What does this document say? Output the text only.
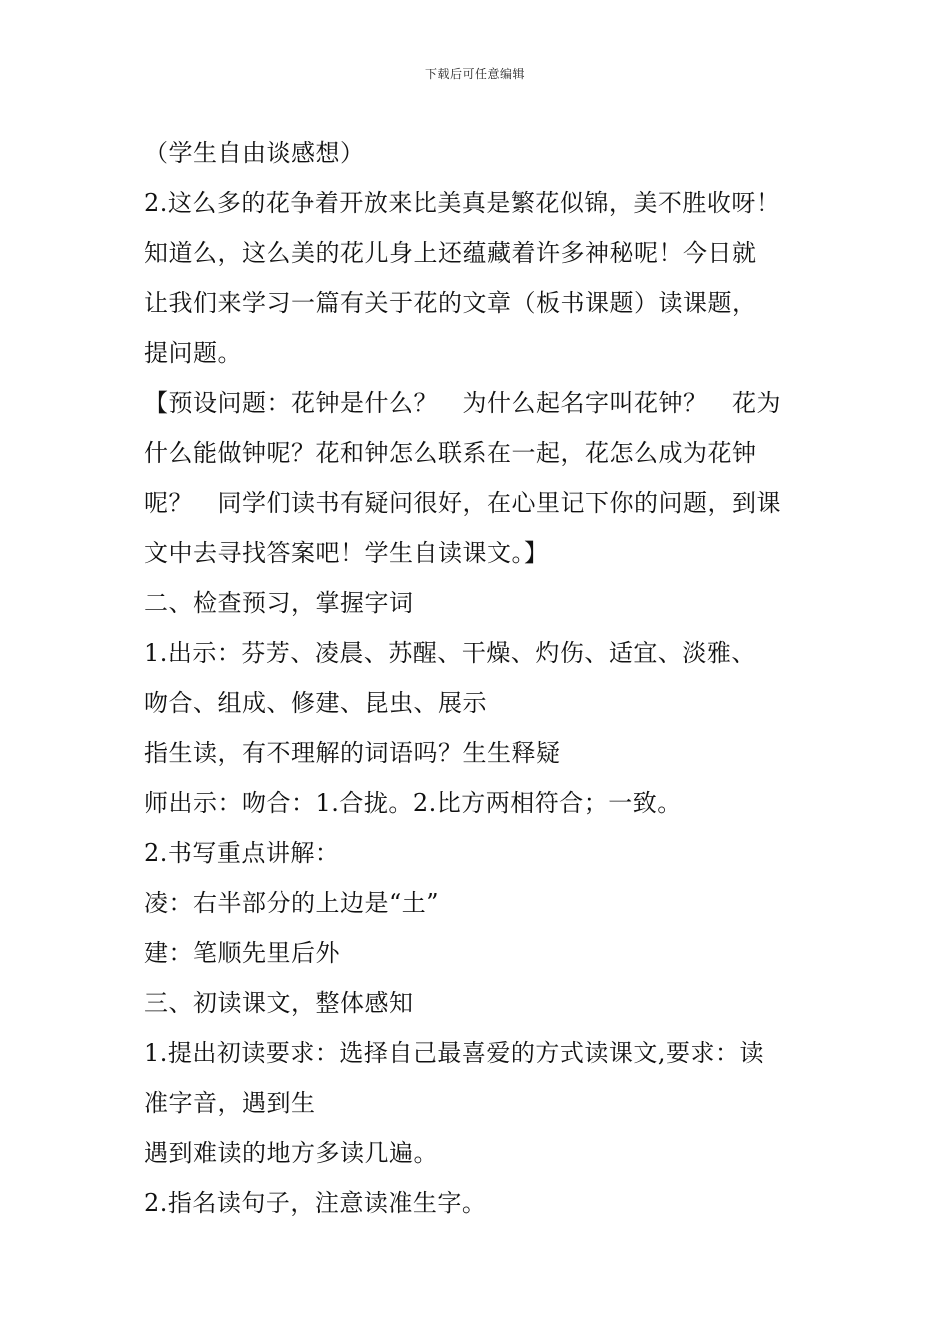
下载后可任意编辑
（学生自由谈感想）
2.这么多的花争着开放来比美真是繁花似锦，美不胜收呀！
知道么，这么美的花儿身上还蕴藏着许多神秘呢！今日就
让我们来学习一篇有关于花的文章（板书课题）读课题，
提问题。
【预设问题：花钟是什么？　为什么起名字叫花钟？　花为
什么能做钟呢？花和钟怎么联系在一起，花怎么成为花钟
呢？　同学们读书有疑问很好，在心里记下你的问题，到课
文中去寻找答案吧！学生自读课文。】
二、检查预习，掌握字词
1.出示：芬芳、凌晨、苏醒、干燥、灼伤、适宜、淡雅、
吻合、组成、修建、昆虫、展示
指生读，有不理解的词语吗？生生释疑
师出示：吻合：1.合拢。2.比方两相符合；一致。
2.书写重点讲解：
凌：右半部分的上边是“土”
建：笔顺先里后外
三、初读课文，整体感知
1.提出初读要求：选择自己最喜爱的方式读课文,要求：读
准字音，遇到生
遇到难读的地方多读几遍。
2.指名读句子，注意读准生字。
